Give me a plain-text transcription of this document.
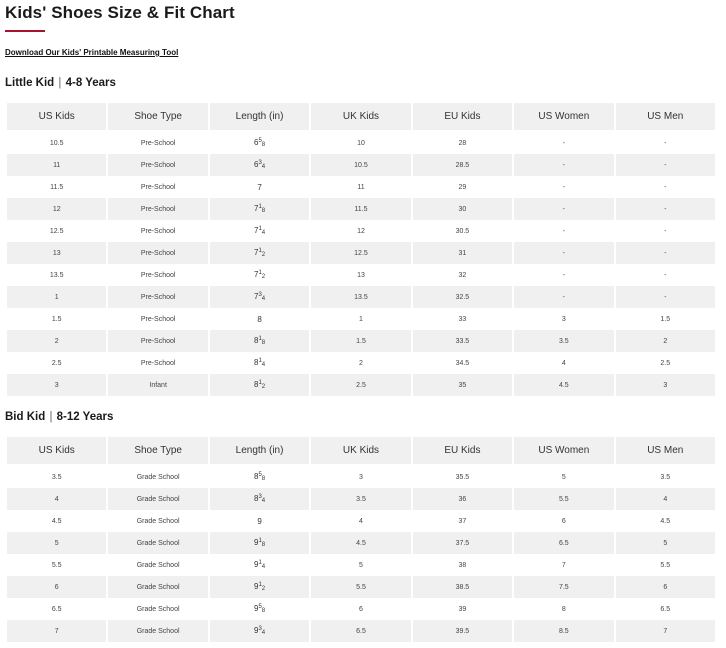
Kids' Shoes Size & Fit Chart
Download Our Kids' Printable Measuring Tool
Little Kid | 4-8 Years
US Kids	Shoe Type	Length (in)	UK Kids	EU Kids	US Women	US Men

10.5	Pre-School	$6^5_8$	10	28	-	-
11	Pre-School	$6^3_4$	10.5	28.5	-	-
11.5	Pre-School	7	11	29	-	-
12	Pre-School	$7^1_8$	11.5	30	-	-
12.5	Pre-School	$7^1_4$	12	30.5	-	-
13	Pre-School	$7^1_2$	12.5	31	-	-
13.5	Pre-School	$7^1_2$	13	32	-	-
1	Pre-School	$7^3_4$	13.5	32.5	-	-
1.5	Pre-School	8	1	33	3	1.5
2	Pre-School	$8^1_8$	1.5	33.5	3.5	2
2.5	Pre-School	$8^1_4$	2	34.5	4	2.5
3	Infant	$8^1_2$	2.5	35	4.5	3
Bid Kid | 8-12 Years
US Kids	Shoe Type	Length (in)	UK Kids	EU Kids	US Women	US Men

3.5	Grade School	$8^5_8$	3	35.5	5	3.5
4	Grade School	$8^3_4$	3.5	36	5.5	4
4.5	Grade School	9	4	37	6	4.5
5	Grade School	$9^1_8$	4.5	37.5	6.5	5
5.5	Grade School	$9^1_4$	5	38	7	5.5
6	Grade School	$9^1_2$	5.5	38.5	7.5	6
6.5	Grade School	$9^5_8$	6	39	8	6.5
7	Grade School	$9^3_4$	6.5	39.5	8.5	7
